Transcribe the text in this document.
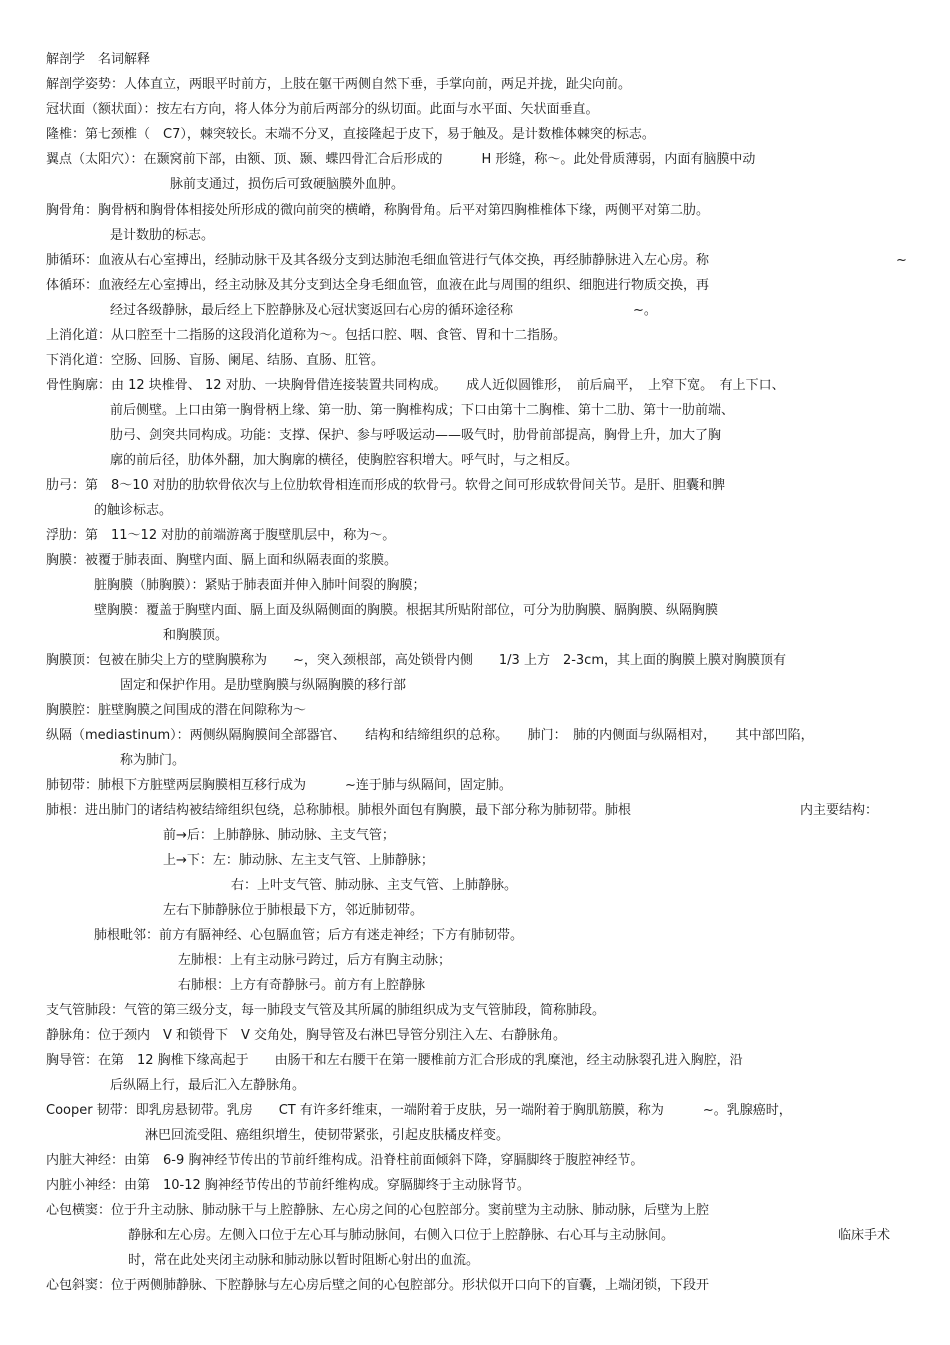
解剖学　名词解释
解剖学姿势：人体直立，两眼平时前方，上肢在躯干两侧自然下垂，手掌向前，两足并拢，趾尖向前。
冠状面（额状面）：按左右方向，将人体分为前后两部分的纵切面。此面与水平面、矢状面垂直。
隆椎：第七颈椎（　C7），棘突较长。末端不分叉，直接隆起于皮下，易于触及。是计数椎体棘突的标志。
翼点（太阳穴）：在颞窝前下部，由额、顶、颞、蝶四骨汇合后形成的　　　H 形缝，称～。此处骨质薄弱，内面有脑膜中动
脉前支通过，损伤后可致硬脑膜外血肿。
胸骨角：胸骨柄和胸骨体相接处所形成的微向前突的横嵴，称胸骨角。后平对第四胸椎椎体下缘，两侧平对第二肋。
是计数肋的标志。
肺循环：血液从右心室搏出，经肺动脉干及其各级分支到达肺泡毛细血管进行气体交换，再经肺静脉进入左心房。称	~
体循环：血液经左心室搏出，经主动脉及其分支到达全身毛细血管，血液在此与周围的组织、细胞进行物质交换，再
经过各级静脉，最后经上下腔静脉及心冠状窦返回右心房的循环途径称	~。
上消化道：从口腔至十二指肠的这段消化道称为～。包括口腔、咽、食管、胃和十二指肠。
下消化道：空肠、回肠、盲肠、阑尾、结肠、直肠、肛管。
骨性胸廓：由 12 块椎骨、 12 对肋、一块胸骨借连接装置共同构成。　　成人近似圆锥形，　前后扁平，　上窄下宽。　有上下口、
前后侧壁。上口由第一胸骨柄上缘、第一肋、第一胸椎构成；下口由第十二胸椎、第十二肋、第十一肋前端、
肋弓、剑突共同构成。功能：支撑、保护、参与呼吸运动——吸气时，肋骨前部提高，胸骨上升，加大了胸
廓的前后径，肋体外翻，加大胸廓的横径，使胸腔容积增大。呼气时，与之相反。
肋弓：第　8～10 对肋的肋软骨依次与上位肋软骨相连而形成的软骨弓。软骨之间可形成软骨间关节。是肝、胆囊和脾
的触诊标志。
浮肋：第　11～12 对肋的前端游离于腹壁肌层中，称为～。
胸膜：被覆于肺表面、胸壁内面、膈上面和纵隔表面的浆膜。
脏胸膜（肺胸膜）：紧贴于肺表面并伸入肺叶间裂的胸膜；
壁胸膜：覆盖于胸壁内面、膈上面及纵隔侧面的胸膜。根据其所贴附部位，可分为肋胸膜、膈胸膜、纵隔胸膜
和胸膜顶。
胸膜顶：包被在肺尖上方的壁胸膜称为　　~，突入颈根部，高处锁骨内侧　　1/3 上方　2-3cm，其上面的胸膜上膜对胸膜顶有
固定和保护作用。是肋壁胸膜与纵隔胸膜的移行部
胸膜腔：脏壁胸膜之间围成的潜在间隙称为～
纵隔（mediastinum）：两侧纵隔胸膜间全部器官、　　结构和结缔组织的总称。　　肺门：　肺的内侧面与纵隔相对，　　其中部凹陷，
称为肺门。
肺韧带：肺根下方脏壁两层胸膜相互移行成为　　　~连于肺与纵隔间，固定肺。
肺根：进出肺门的诸结构被结缔组织包绕，总称肺根。肺根外面包有胸膜，最下部分称为肺韧带。肺根	内主要结构：
前→后：上肺静脉、肺动脉、主支气管；
上→下：左：肺动脉、左主支气管、上肺静脉；
右：上叶支气管、肺动脉、主支气管、上肺静脉。
左右下肺静脉位于肺根最下方，邻近肺韧带。
肺根毗邻：前方有膈神经、心包膈血管；后方有迷走神经；下方有肺韧带。
左肺根：上有主动脉弓跨过，后方有胸主动脉；
右肺根：上方有奇静脉弓。前方有上腔静脉
支气管肺段：气管的第三级分支，每一肺段支气管及其所属的肺组织成为支气管肺段，简称肺段。
静脉角：位于颈内　V 和锁骨下　V 交角处，胸导管及右淋巴导管分别注入左、右静脉角。
胸导管：在第　12 胸椎下缘高起于　　由肠干和左右腰干在第一腰椎前方汇合形成的乳糜池，经主动脉裂孔进入胸腔，沿
后纵隔上行，最后汇入左静脉角。
Cooper 韧带：即乳房悬韧带。乳房　　CT 有许多纤维束，一端附着于皮肤，另一端附着于胸肌筋膜，称为　　　~。乳腺癌时，
淋巴回流受阻、癌组织增生，使韧带紧张，引起皮肤橘皮样变。
内脏大神经：由第　6-9 胸神经节传出的节前纤维构成。沿脊柱前面倾斜下降，穿膈脚终于腹腔神经节。
内脏小神经：由第　10-12 胸神经节传出的节前纤维构成。穿膈脚终于主动脉肾节。
心包横窦：位于升主动脉、肺动脉干与上腔静脉、左心房之间的心包腔部分。窦前壁为主动脉、肺动脉，后壁为上腔
静脉和左心房。左侧入口位于左心耳与肺动脉间，右侧入口位于上腔静脉、右心耳与主动脉间。	临床手术
时，常在此处夹闭主动脉和肺动脉以暂时阻断心射出的血流。
心包斜窦：位于两侧肺静脉、下腔静脉与左心房后壁之间的心包腔部分。形状似开口向下的盲囊，上端闭锁，下段开
